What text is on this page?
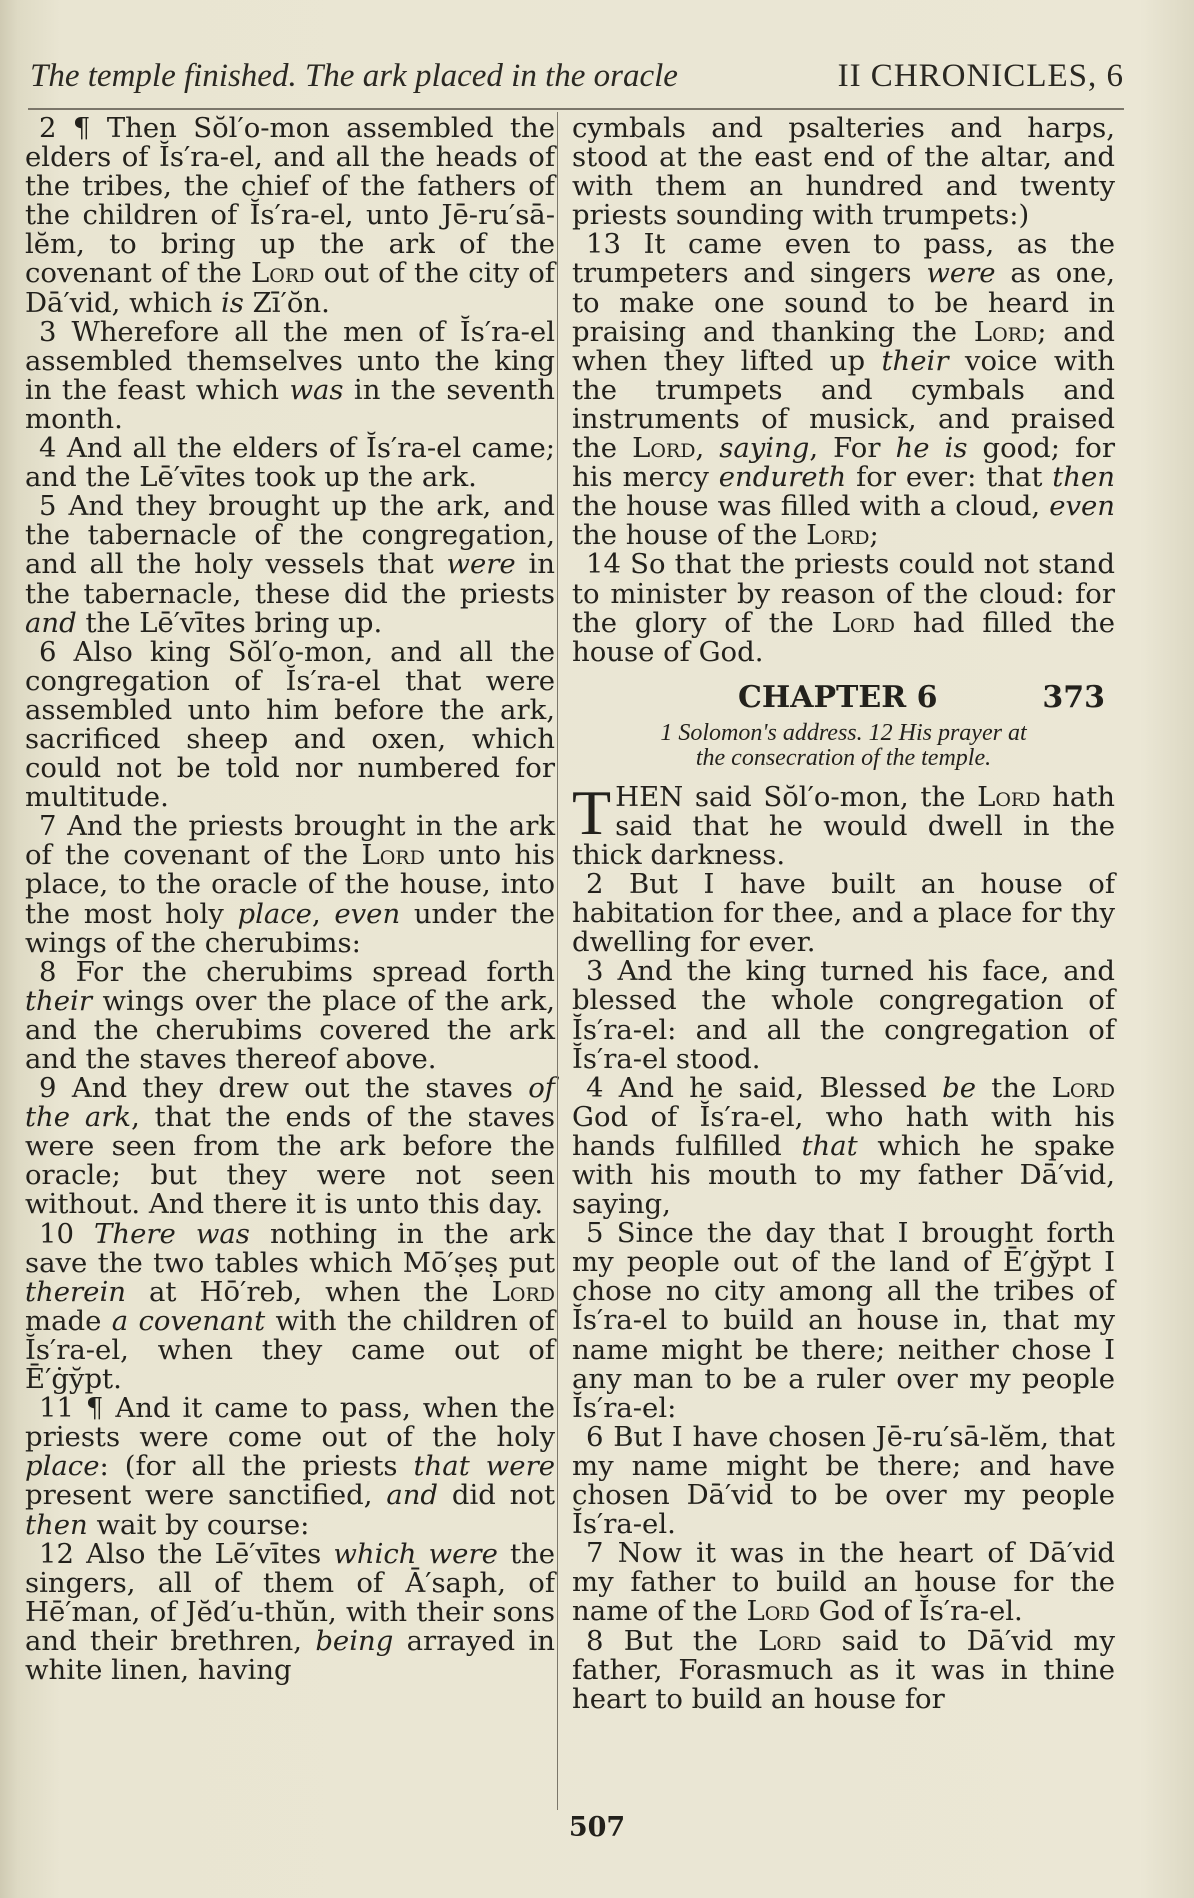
The temple finished. The ark placed in the oracle	II CHRONICLES, 6

2 ¶ Then Sŏl′o-mon assembled the elders of Ĭs′ra-el, and all the heads of the tribes, the chief of the fathers of the children of Ĭs′ra-el, unto Jē-ru′sā-lĕm, to bring up the ark of the covenant of the Lord out of the city of Dā′vid, which is Zī′ŏn.

3 Wherefore all the men of Ĭs′ra-el assembled themselves unto the king in the feast which was in the seventh month.

4 And all the elders of Ĭs′ra-el came; and the Lē′vītes took up the ark.

5 And they brought up the ark, and the tabernacle of the congregation, and all the holy vessels that were in the tabernacle, these did the priests and the Lē′vītes bring up.

6 Also king Sŏl′o-mon, and all the congregation of Ĭs′ra-el that were assembled unto him before the ark, sacrificed sheep and oxen, which could not be told nor numbered for multitude.

7 And the priests brought in the ark of the covenant of the Lord unto his place, to the oracle of the house, into the most holy place, even under the wings of the cherubims:

8 For the cherubims spread forth their wings over the place of the ark, and the cherubims covered the ark and the staves thereof above.

9 And they drew out the staves of the ark, that the ends of the staves were seen from the ark before the oracle; but they were not seen without. And there it is unto this day.

10 There was nothing in the ark save the two tables which Mō′ṣeṣ put therein at Hō′reb, when the Lord made a covenant with the children of Ĭs′ra-el, when they came out of Ē′ġy̆pt.

11 ¶ And it came to pass, when the priests were come out of the holy place: (for all the priests that were present were sanctified, and did not then wait by course:

12 Also the Lē′vītes which were the singers, all of them of Ā′saph, of Hē′man, of Jĕd′u-thŭn, with their sons and their brethren, being arrayed in white linen, having

cymbals and psalteries and harps, stood at the east end of the altar, and with them an hundred and twenty priests sounding with trumpets:)

13 It came even to pass, as the trumpeters and singers were as one, to make one sound to be heard in praising and thanking the Lord; and when they lifted up their voice with the trumpets and cymbals and instruments of musick, and praised the Lord, saying, For he is good; for his mercy endureth for ever: that then the house was filled with a cloud, even the house of the Lord;

14 So that the priests could not stand to minister by reason of the cloud: for the glory of the Lord had filled the house of God.

CHAPTER 6	373
1 Solomon's address. 12 His prayer at
the consecration of the temple.

THEN said Sŏl′o-mon, the Lord hath said that he would dwell in the thick darkness.

2 But I have built an house of habitation for thee, and a place for thy dwelling for ever.

3 And the king turned his face, and blessed the whole congregation of Ĭs′ra-el: and all the congregation of Ĭs′ra-el stood.

4 And he said, Blessed be the Lord God of Ĭs′ra-el, who hath with his hands fulfilled that which he spake with his mouth to my father Dā′vid, saying,

5 Since the day that I brought forth my people out of the land of Ē′ġy̆pt I chose no city among all the tribes of Ĭs′ra-el to build an house in, that my name might be there; neither chose I any man to be a ruler over my people Ĭs′ra-el:

6 But I have chosen Jē-ru′sā-lĕm, that my name might be there; and have chosen Dā′vid to be over my people Ĭs′ra-el.

7 Now it was in the heart of Dā′vid my father to build an house for the name of the Lord God of Ĭs′ra-el.

8 But the Lord said to Dā′vid my father, Forasmuch as it was in thine heart to build an house for

507
